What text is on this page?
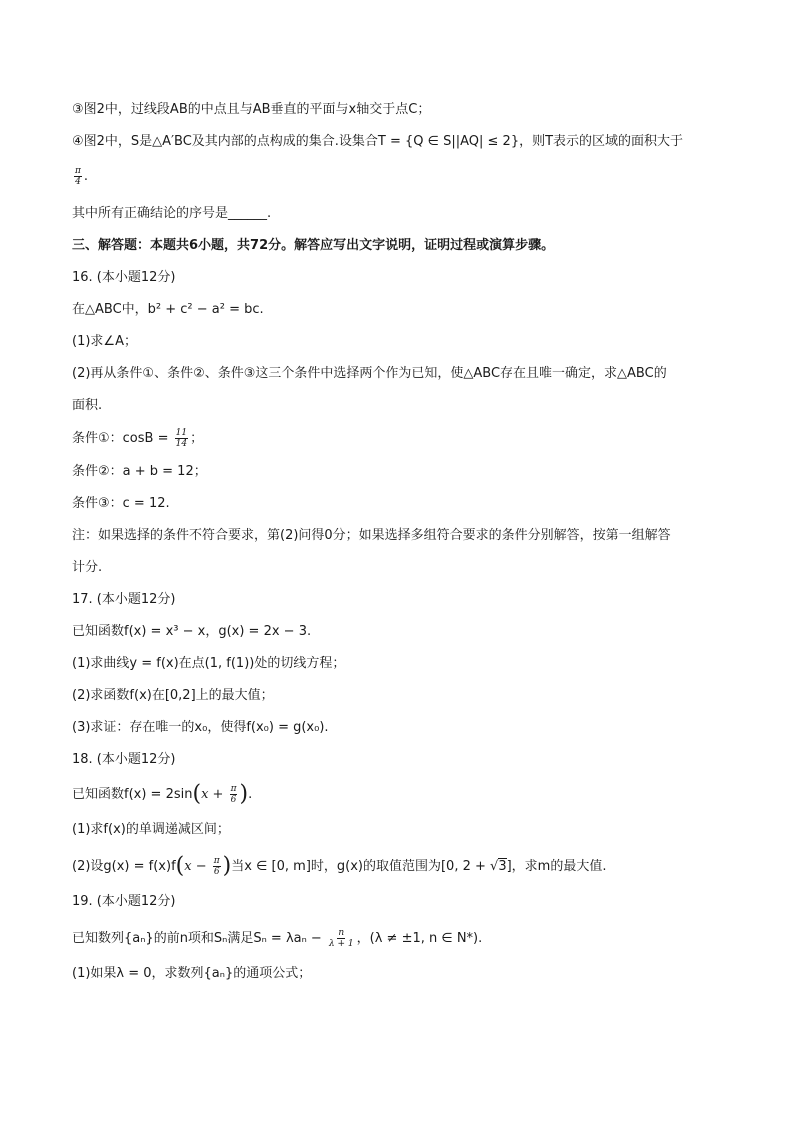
③图2中，过线段AB的中点且与AB垂直的平面与x轴交于点C；
④图2中，S是△A′BC及其内部的点构成的集合.设集合T = {Q ∈ S||AQ| ≤ 2}，则T表示的区域的面积大于
$\frac{\pi}{4}$ .
其中所有正确结论的序号是______.
三、解答题：本题共6小题，共72分。解答应写出文字说明，证明过程或演算步骤。
16. (本小题12分)
在△ABC中，b² + c² − a² = bc.
(1)求∠A；
(2)再从条件①、条件②、条件③这三个条件中选择两个作为已知，使△ABC存在且唯一确定，求△ABC的
面积.
条件①：$\cos B = \frac{11}{14}$ ；
条件②：a + b = 12；
条件③：c = 12.
注：如果选择的条件不符合要求，第(2)问得0分；如果选择多组符合要求的条件分别解答，按第一组解答
计分.
17. (本小题12分)
已知函数f(x) = x³ − x，g(x) = 2x − 3.
(1)求曲线y = f(x)在点(1, f(1))处的切线方程；
(2)求函数f(x)在[0,2]上的最大值；
(3)求证：存在唯一的x₀，使得f(x₀) = g(x₀).
18. (本小题12分)
已知函数$f(x) = 2\sin(x + \frac{\pi}{6}$ ).
(1)求f(x)的单调递减区间；
(2)设$g(x) = f(x)f(x - \frac{\pi}{6}$ )当x ∈ [0, m]时，g(x)的取值范围为[0, 2 + √3]，求m的最大值.
19. (本小题12分)
已知数列{aₙ}的前n项和Sₙ满足$S_n = \lambda a_n - \frac{n}{\lambda + 1}$ ，(λ ≠ ±1, n ∈ N*).
(1)如果λ = 0，求数列{aₙ}的通项公式；
